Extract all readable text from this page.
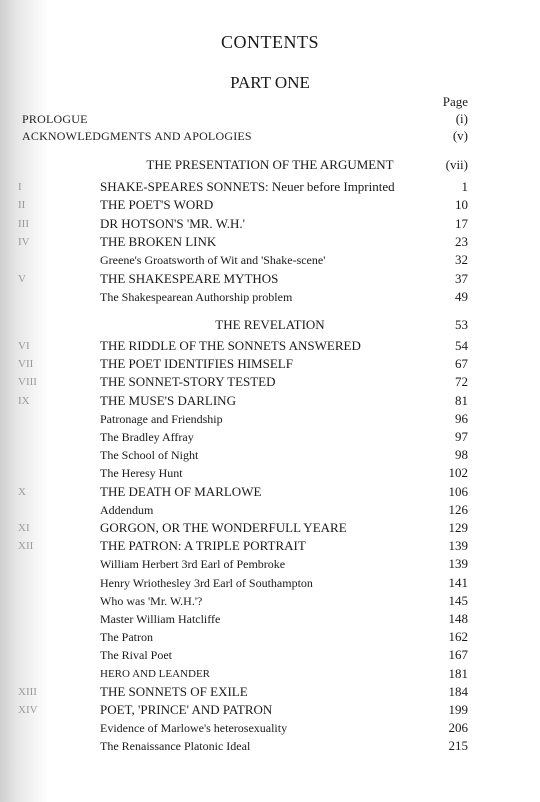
CONTENTS
PART ONE
Page
PROLOGUE	(i)
ACKNOWLEDGMENTS AND APOLOGIES	(v)
THE PRESENTATION OF THE ARGUMENT	(vii)
I	SHAKE-SPEARES SONNETS: Neuer before Imprinted	1
II	THE POET'S WORD	10
III	DR HOTSON'S 'MR. W.H.'	17
IV	THE BROKEN LINK	23
Greene's Groatsworth of Wit and 'Shake-scene'	32
V	THE SHAKESPEARE MYTHOS	37
The Shakespearean Authorship problem	49
THE REVELATION	53
VI	THE RIDDLE OF THE SONNETS ANSWERED	54
VII	THE POET IDENTIFIES HIMSELF	67
VIII	THE SONNET-STORY TESTED	72
IX	THE MUSE'S DARLING	81
Patronage and Friendship	96
The Bradley Affray	97
The School of Night	98
The Heresy Hunt	102
X	THE DEATH OF MARLOWE	106
Addendum	126
XI	GORGON, OR THE WONDERFULL YEARE	129
XII	THE PATRON: A TRIPLE PORTRAIT	139
William Herbert 3rd Earl of Pembroke	139
Henry Wriothesley 3rd Earl of Southampton	141
Who was 'Mr. W.H.'?	145
Master William Hatcliffe	148
The Patron	162
The Rival Poet	167
HERO AND LEANDER	181
XIII	THE SONNETS OF EXILE	184
XIV	POET, 'PRINCE' AND PATRON	199
Evidence of Marlowe's heterosexuality	206
The Renaissance Platonic Ideal	215
